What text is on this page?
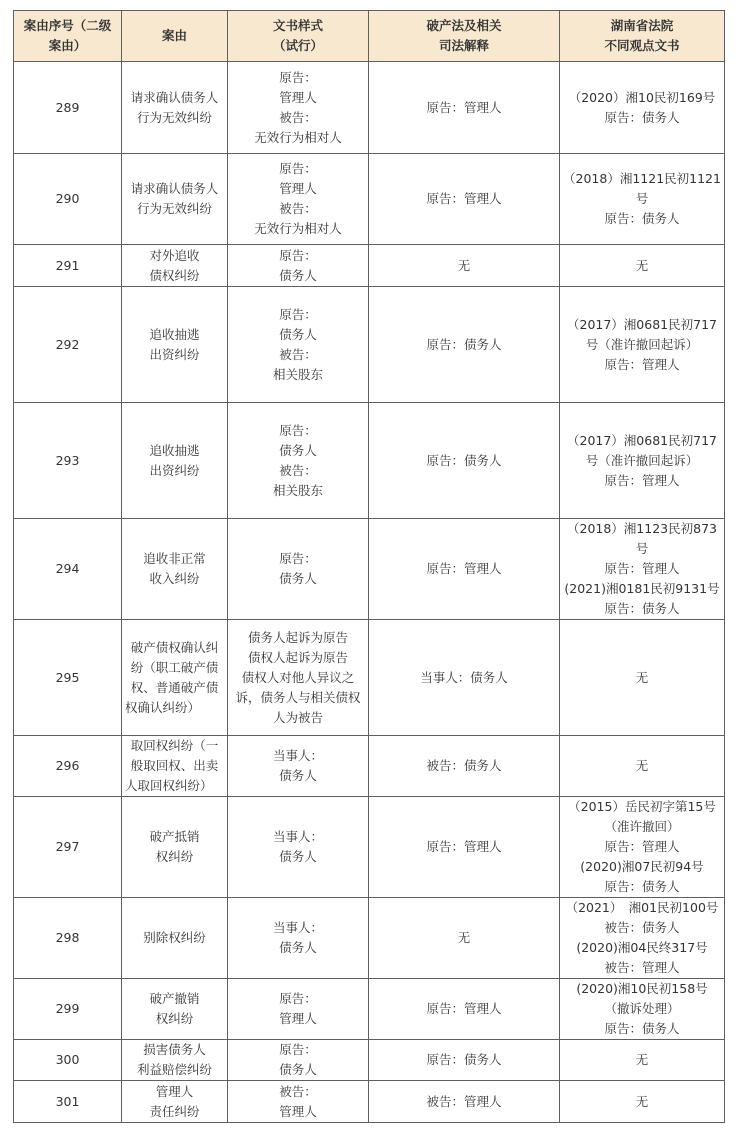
案由序号（二级
案由）	案由	文书样式
（试行）	破产法及相关
司法解释	湖南省法院
不同观点文书

289	请求确认债务人
行为无效纠纷	原告：
管理人
被告：
无效行为相对人	原告：管理人	（2020）湘10民初169号
原告：债务人

290	请求确认债务人
行为无效纠纷	原告：
管理人
被告：
无效行为相对人	原告：管理人	（2018）湘1121民初1121
号
原告：债务人

291	对外追收
债权纠纷	原告：
债务人	无	无

292	追收抽逃
出资纠纷	原告：
债务人
被告：
相关股东	原告：债务人	（2017）湘0681民初717
号（准许撤回起诉）
原告：管理人

293	追收抽逃
出资纠纷	原告：
债务人
被告：
相关股东	原告：债务人	（2017）湘0681民初717
号（准许撤回起诉）
原告：管理人

294	追收非正常
收入纠纷	原告：
债务人	原告：管理人	（2018）湘1123民初873
号
原告：管理人
(2021)湘0181民初9131号
原告：债务人

295	破产债权确认纠纷（职工破产债权、普通破产债权确认纠纷）	债务人起诉为原告
债权人起诉为原告
债权人对他人异议之诉，债务人与相关债权人为被告	当事人：债务人	无

296	取回权纠纷（一般取回权、出卖人取回权纠纷）	当事人：
债务人	被告：债务人	无

297	破产抵销
权纠纷	当事人：
债务人	原告：管理人	（2015）岳民初字第15号
（准许撤回）
原告：管理人
(2020)湘07民初94号
原告：债务人

298	别除权纠纷	当事人：
债务人	无	（2021）　湘01民初100号
被告：债务人
(2020)湘04民终317号
被告：管理人

299	破产撤销
权纠纷	原告：
管理人	原告：管理人	(2020)湘10民初158号
（撤诉处理）
原告：债务人

300	损害债务人
利益赔偿纠纷	原告：
债务人	原告：债务人	无

301	管理人
责任纠纷	被告：
管理人	被告：管理人	无
